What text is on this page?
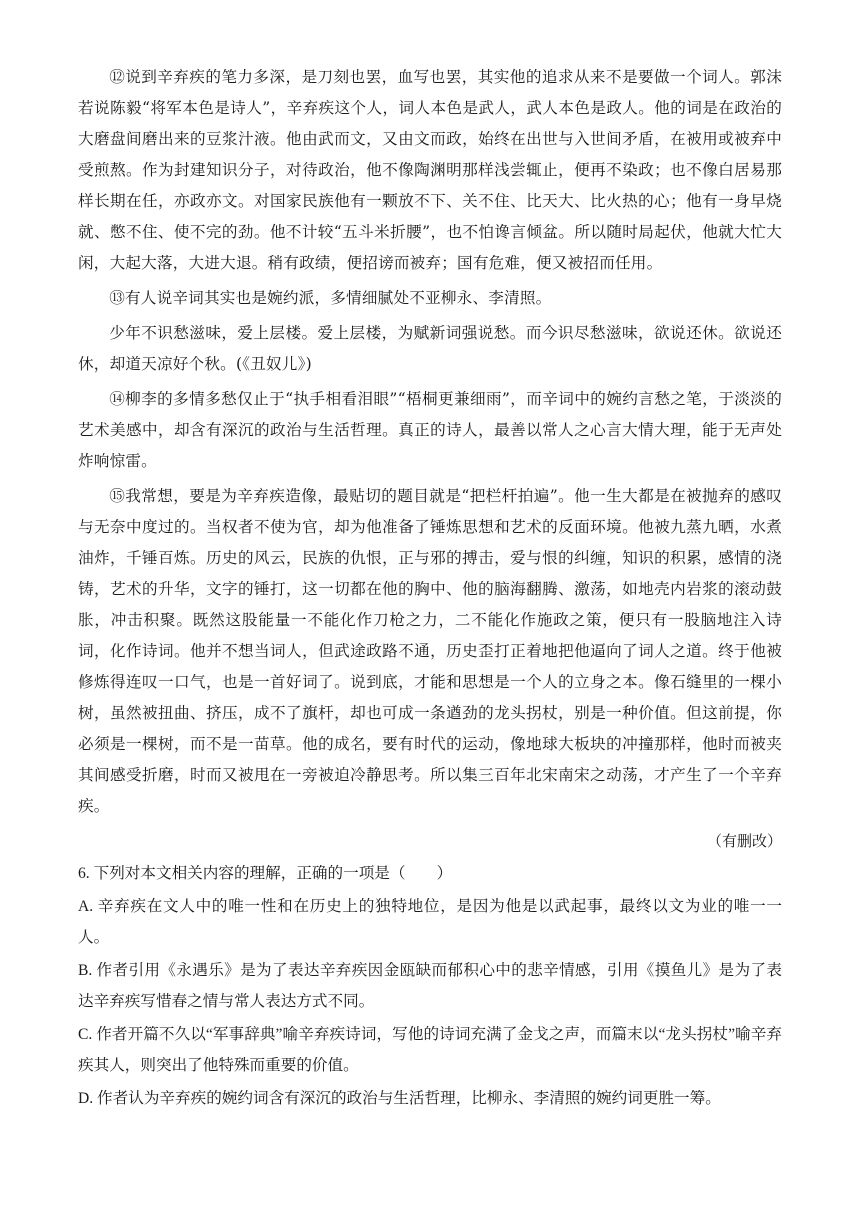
⑫说到辛弃疾的笔力多深，是刀刻也罢，血写也罢，其实他的追求从来不是要做一个词人。郭沫若说陈毅“将军本色是诗人”，辛弃疾这个人，词人本色是武人，武人本色是政人。他的词是在政治的大磨盘间磨出来的豆浆汁液。他由武而文，又由文而政，始终在出世与入世间矛盾，在被用或被弃中受煎熬。作为封建知识分子，对待政治，他不像陶渊明那样浅尝辄止，便再不染政；也不像白居易那样长期在任，亦政亦文。对国家民族他有一颗放不下、关不住、比天大、比火热的心；他有一身早烧就、憋不住、使不完的劲。他不计较“五斗米折腰”，也不怕谗言倾盆。所以随时局起伏，他就大忙大闲，大起大落，大进大退。稍有政绩，便招谤而被弃；国有危难，便又被招而任用。

⑬有人说辛词其实也是婉约派，多情细腻处不亚柳永、李清照。

少年不识愁滋味，爱上层楼。爱上层楼，为赋新词强说愁。而今识尽愁滋味，欲说还休。欲说还休，却道天凉好个秋。(《丑奴儿》)

⑭柳李的多情多愁仅止于“执手相看泪眼”“梧桐更兼细雨”，而辛词中的婉约言愁之笔，于淡淡的艺术美感中，却含有深沉的政治与生活哲理。真正的诗人，最善以常人之心言大情大理，能于无声处炸响惊雷。

⑮我常想，要是为辛弃疾造像，最贴切的题目就是“把栏杆拍遍”。他一生大都是在被抛弃的感叹与无奈中度过的。当权者不使为官，却为他准备了锤炼思想和艺术的反面环境。他被九蒸九晒，水煮油炸，千锤百炼。历史的风云，民族的仇恨，正与邪的搏击，爱与恨的纠缠，知识的积累，感情的浇铸，艺术的升华，文字的锤打，这一切都在他的胸中、他的脑海翻腾、激荡，如地壳内岩浆的滚动鼓胀，冲击积聚。既然这股能量一不能化作刀枪之力，二不能化作施政之策，便只有一股脑地注入诗词，化作诗词。他并不想当词人，但武途政路不通，历史歪打正着地把他逼向了词人之道。终于他被修炼得连叹一口气，也是一首好词了。说到底，才能和思想是一个人的立身之本。像石缝里的一棵小树，虽然被扭曲、挤压，成不了旗杆，却也可成一条遒劲的龙头拐杖，别是一种价值。但这前提，你必须是一棵树，而不是一苗草。他的成名，要有时代的运动，像地球大板块的冲撞那样，他时而被夹其间感受折磨，时而又被甩在一旁被迫冷静思考。所以集三百年北宋南宋之动荡，才产生了一个辛弃疾。

（有删改）

6. 下列对本文相关内容的理解，正确的一项是（　　）

A. 辛弃疾在文人中的唯一性和在历史上的独特地位，是因为他是以武起事，最终以文为业的唯一一人。

B. 作者引用《永遇乐》是为了表达辛弃疾因金瓯缺而郁积心中的悲辛情感，引用《摸鱼儿》是为了表达辛弃疾写惜春之情与常人表达方式不同。

C. 作者开篇不久以“军事辞典”喻辛弃疾诗词，写他的诗词充满了金戈之声，而篇末以“龙头拐杖”喻辛弃疾其人，则突出了他特殊而重要的价值。

D. 作者认为辛弃疾的婉约词含有深沉的政治与生活哲理，比柳永、李清照的婉约词更胜一筹。
